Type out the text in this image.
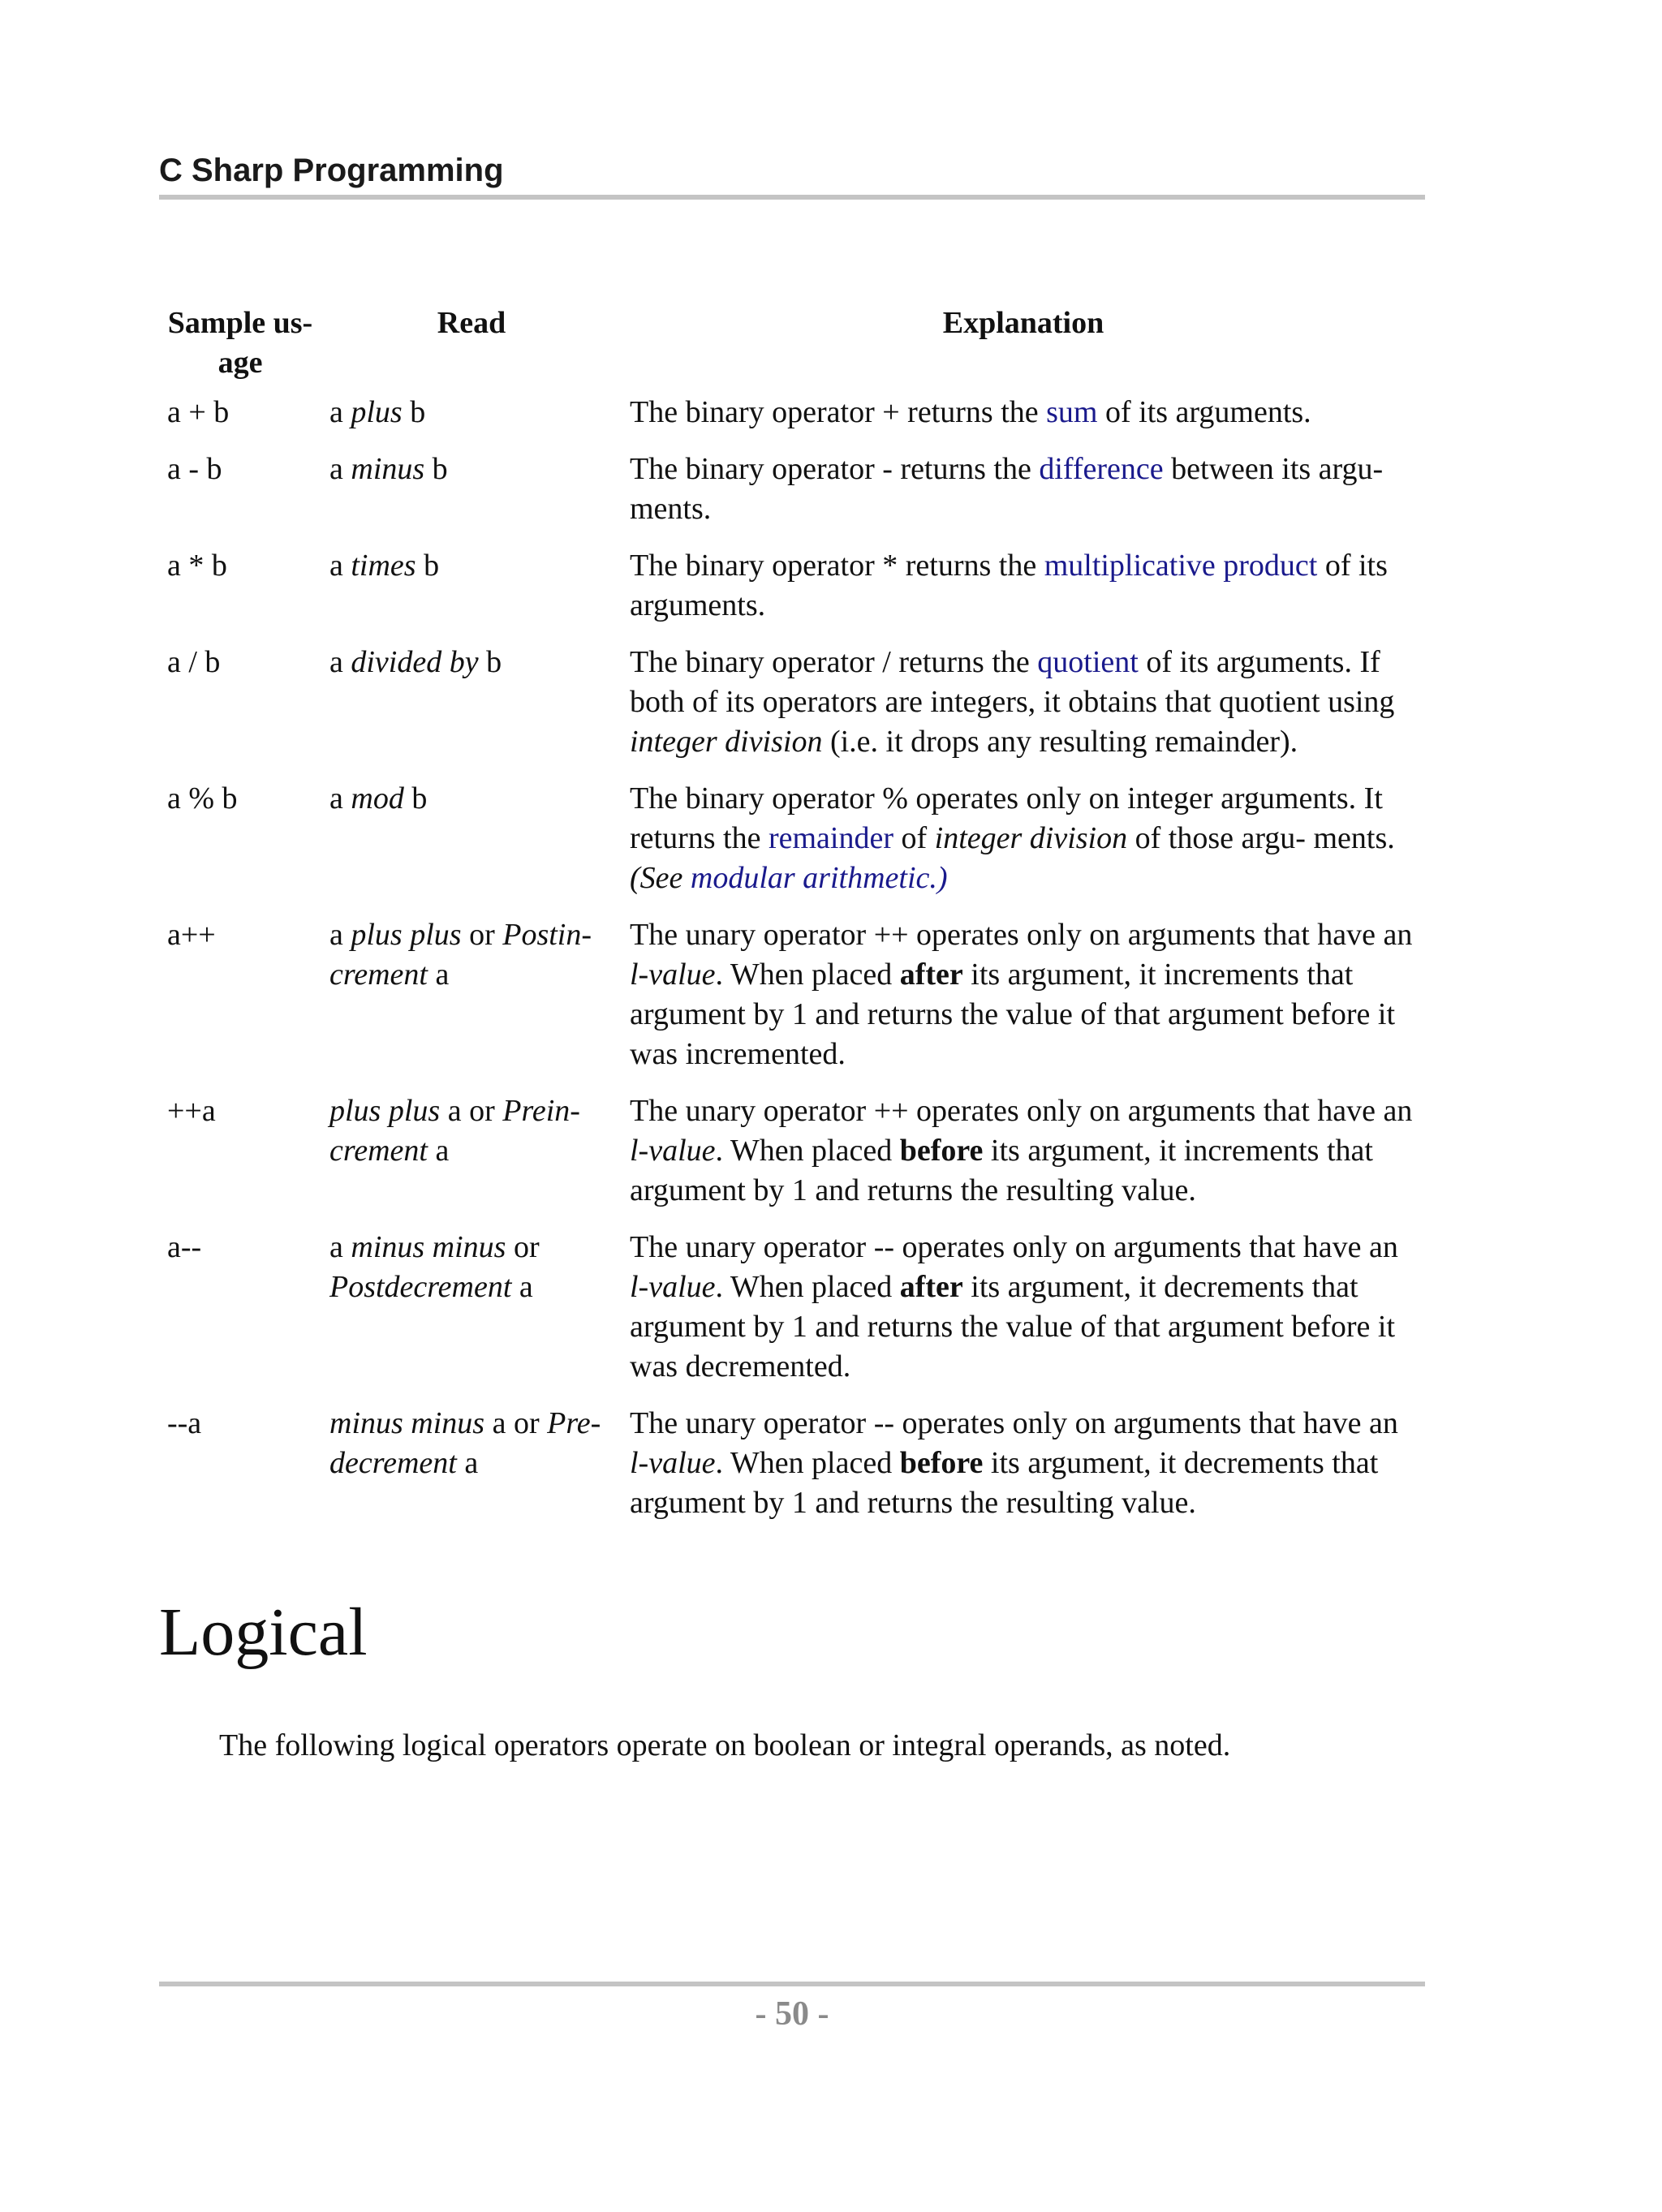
C Sharp Programming
Sample us- age	Read	Explanation
a + b	a plus b	The binary operator + returns the sum of its arguments.
a - b	a minus b	The binary operator - returns the difference between its argu- ments.
a * b	a times b	The binary operator * returns the multiplicative product of its arguments.
a / b	a divided by b	The binary operator / returns the quotient of its arguments. If both of its operators are integers, it obtains that quotient using integer division (i.e. it drops any resulting remainder).
a % b	a mod b	The binary operator % operates only on integer arguments. It returns the remainder of integer division of those argu- ments. (See modular arithmetic.)
a++	a plus plus or Postin- crement a	The unary operator ++ operates only on arguments that have an l-value. When placed after its argument, it increments that argument by 1 and returns the value of that argument before it was incremented.
++a	plus plus a or Prein- crement a	The unary operator ++ operates only on arguments that have an l-value. When placed before its argument, it increments that argument by 1 and returns the resulting value.
a--	a minus minus or Postdecrement a	The unary operator -- operates only on arguments that have an l-value. When placed after its argument, it decrements that argument by 1 and returns the value of that argument before it was decremented.
--a	minus minus a or Pre- decrement a	The unary operator -- operates only on arguments that have an l-value. When placed before its argument, it decrements that argument by 1 and returns the resulting value.
Logical

The following logical operators operate on boolean or integral operands, as noted.

- 50 -
